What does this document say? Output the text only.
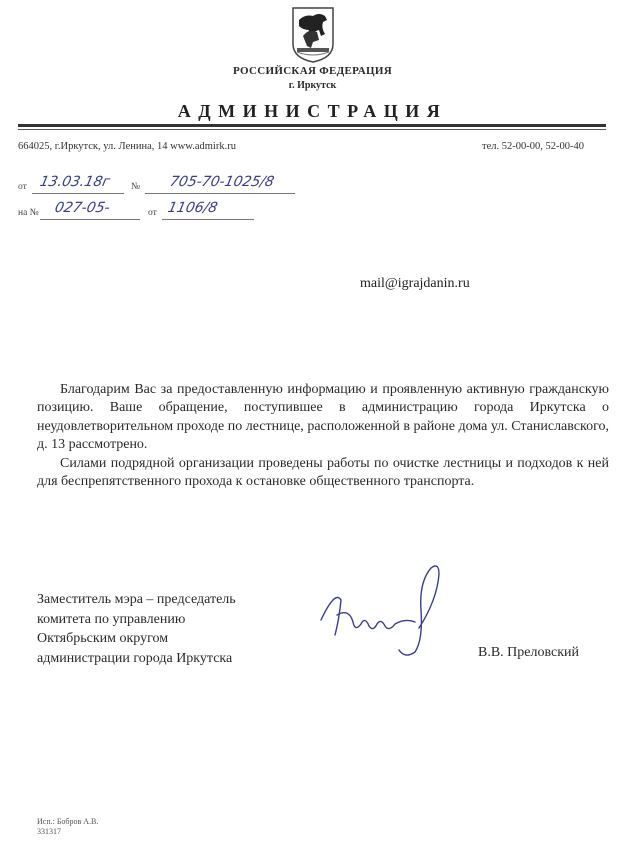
РОССИЙСКАЯ ФЕДЕРАЦИЯ
г. Иркутск
АДМИНИСТРАЦИЯ
664025, г.Иркутск, ул. Ленина, 14 www.admirk.ru	тел. 52-00-00, 52-00-40
от 13.03.18г № 705-70-1025/8
на № 027-05-	от 1106/8
mail@igrajdanin.ru

Благодарим Вас за предоставленную информацию и проявленную активную гражданскую позицию. Ваше обращение, поступившее в администрацию города Иркутска о неудовлетворительном проходе по лестнице, расположенной в районе дома ул. Станиславского, д. 13 рассмотрено.

Силами подрядной организации проведены работы по очистке лестницы и подходов к ней для беспрепятственного прохода к остановке общественного транспорта.

Заместитель мэра – председатель
комитета по управлению
Октябрьским округом
администрации города Иркутска	В.В. Преловский
Исп.: Бобров А.В.
331317
